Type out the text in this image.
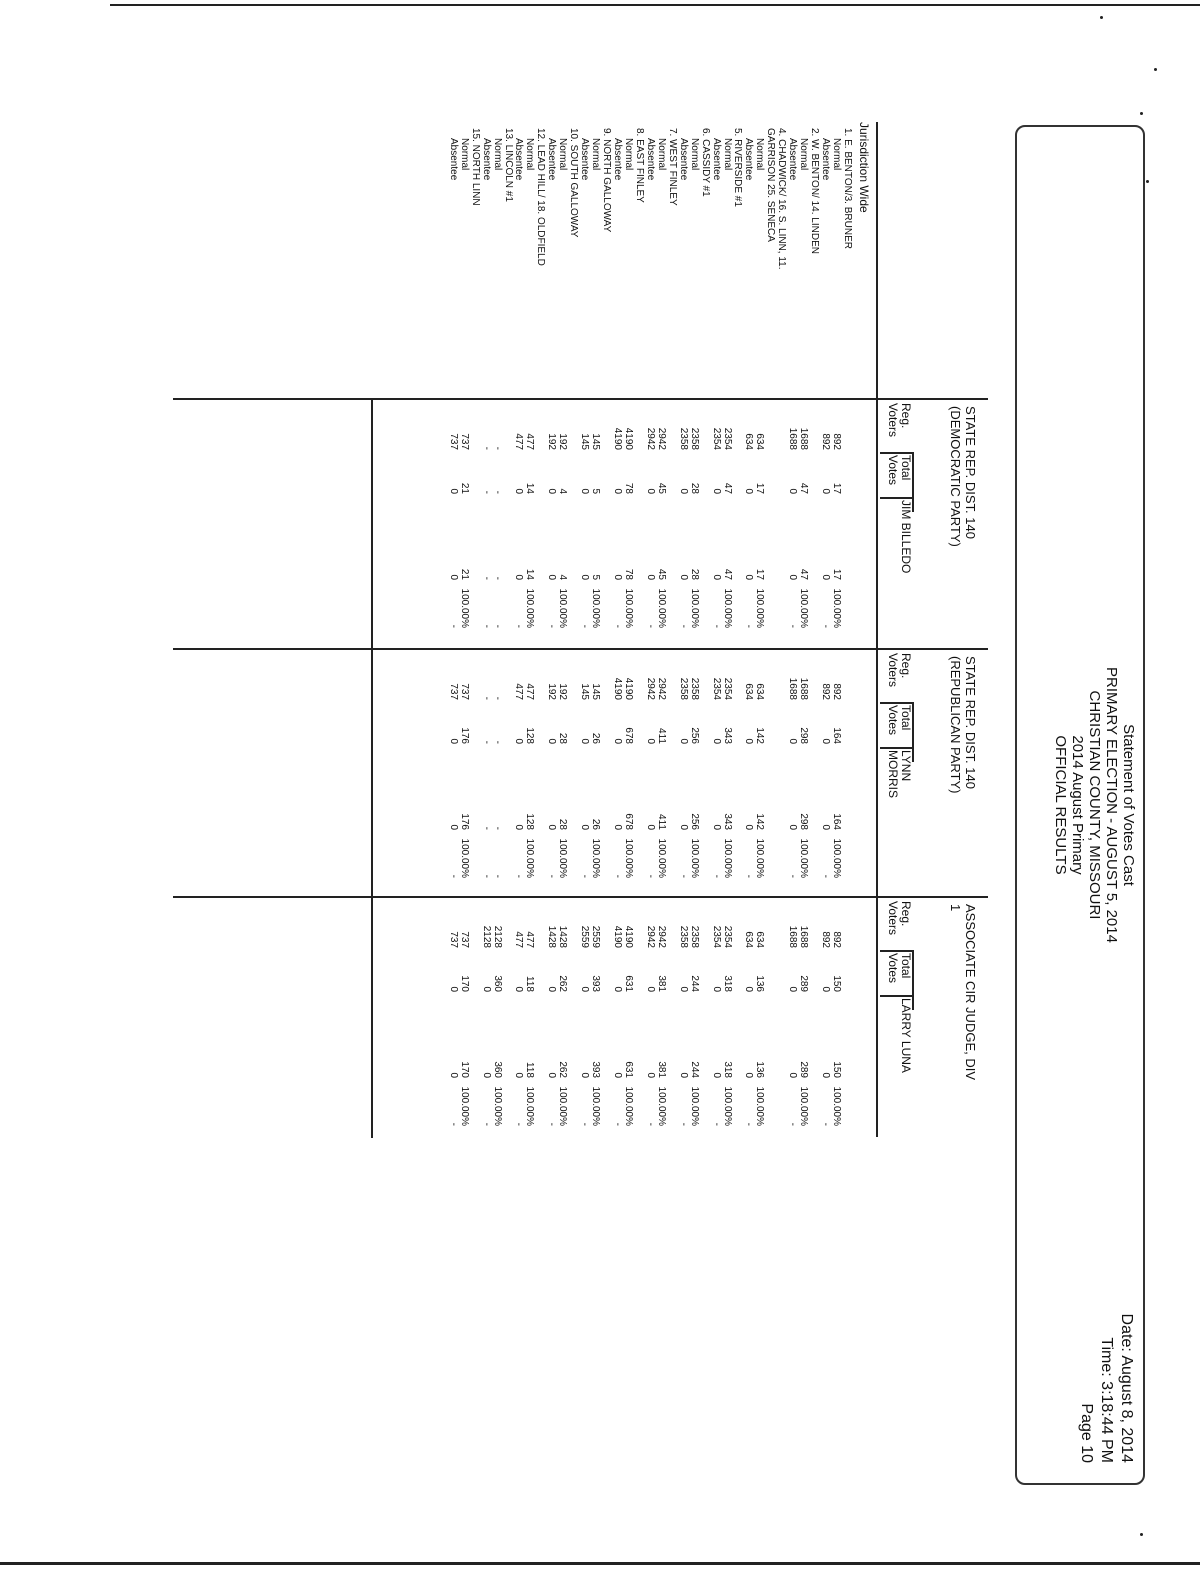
Statement of Votes Cast
PRIMARY ELECTION - AUGUST 5, 2014
CHRISTIAN COUNTY, MISSOURI
2014 August Primary
OFFICIAL RESULTS
Date: August 8, 2014
Time: 3:18:44 PM
Page 10
Jurisdiction Wide
STATE REP. DIST. 140
(DEMOCRATIC PARTY)
Reg.
Voters
Total
Votes
JIM BILLEDO
STATE REP. DIST. 140
(REPUBLICAN PARTY)
Reg.
Voters
Total
Votes
LYNN
MORRIS
ASSOCIATE CIR JUDGE, DIV
1
Reg.
Voters
Total
Votes
LARRY LUNA
1. E. BENTON/3. BRUNER
Normal
892
17
17
100.00%
892
164
164
100.00%
892
150
150
100.00%
Absentee
892
0
0
-
892
0
0
-
892
0
0
-
2. W. BENTON/ 14. LINDEN
Normal
1688
47
47
100.00%
1688
298
298
100.00%
1688
289
289
100.00%
Absentee
1688
0
0
-
1688
0
0
-
1688
0
0
-
4. CHADWICK/ 16. S. LINN, 11.
GARRISON 25. SENECA
Normal
634
17
17
100.00%
634
142
142
100.00%
634
136
136
100.00%
Absentee
634
0
0
-
634
0
0
-
634
0
0
-
5. RIVERSIDE #1
Normal
2354
47
47
100.00%
2354
343
343
100.00%
2354
318
318
100.00%
Absentee
2354
0
0
-
2354
0
0
-
2354
0
0
-
6. CASSIDY #1
Normal
2358
28
28
100.00%
2358
256
256
100.00%
2358
244
244
100.00%
Absentee
2358
0
0
-
2358
0
0
-
2358
0
0
-
7. WEST FINLEY
Normal
2942
45
45
100.00%
2942
411
411
100.00%
2942
381
381
100.00%
Absentee
2942
0
0
-
2942
0
0
-
2942
0
0
-
8. EAST FINLEY
Normal
4190
78
78
100.00%
4190
678
678
100.00%
4190
631
631
100.00%
Absentee
4190
0
0
-
4190
0
0
-
4190
0
0
-
9. NORTH GALLOWAY
Normal
145
5
5
100.00%
145
26
26
100.00%
2559
393
393
100.00%
Absentee
145
0
0
-
145
0
0
-
2559
0
0
-
10. SOUTH GALLOWAY
Normal
192
4
4
100.00%
192
28
28
100.00%
1428
262
262
100.00%
Absentee
192
0
0
-
192
0
0
-
1428
0
0
-
12. LEAD HILL/ 18. OLDFIELD
Normal
477
14
14
100.00%
477
128
128
100.00%
477
118
118
100.00%
Absentee
477
0
0
-
477
0
0
-
477
0
0
-
13. LINCOLN #1
Normal
-
-
-
-
-
-
-
-
2128
360
360
100.00%
Absentee
-
-
-
-
-
-
-
-
2128
0
0
-
15. NORTH LINN
Normal
737
21
21
100.00%
737
176
176
100.00%
737
170
170
100.00%
Absentee
737
0
0
-
737
0
0
-
737
0
0
-
